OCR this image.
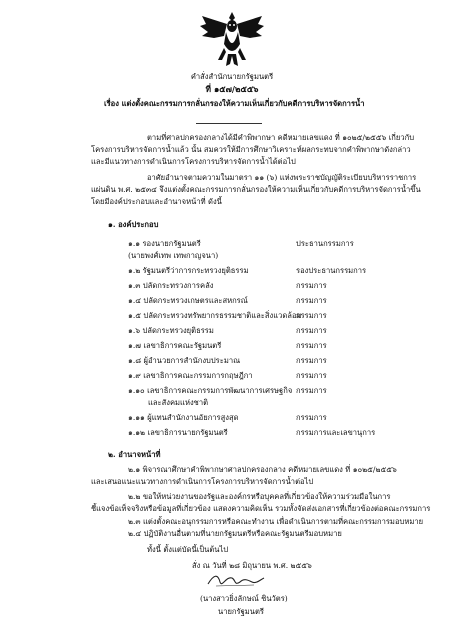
คำสั่งสำนักนายกรัฐมนตรี
ที่ ๑๕๗/๒๕๕๖
เรื่อง แต่งตั้งคณะกรรมการกลั่นกรองให้ความเห็นเกี่ยวกับคดีการบริหารจัดการน้ำ
ตามที่ศาลปกครองกลางได้มีคำพิพากษา คดีหมายเลขแดง ที่ ๑๐๒๕/๒๕๕๖ เกี่ยวกับ
โครงการบริหารจัดการน้ำแล้ว นั้น สมควรให้มีการศึกษาวิเคราะห์ผลกระทบจากคำพิพากษาดังกล่าว
และมีแนวทางการดำเนินการโครงการบริหารจัดการน้ำได้ต่อไป
อาศัยอำนาจตามความในมาตรา ๑๑ (๖) แห่งพระราชบัญญัติระเบียบบริหารราชการ
แผ่นดิน พ.ศ. ๒๕๓๔ จึงแต่งตั้งคณะกรรมการกลั่นกรองให้ความเห็นเกี่ยวกับคดีการบริหารจัดการน้ำขึ้น
โดยมีองค์ประกอบและอำนาจหน้าที่ ดังนี้
๑. องค์ประกอบ
๑.๑ รองนายกรัฐมนตรี	ประธานกรรมการ
(นายพงศ์เทพ เทพกาญจนา)
๑.๒ รัฐมนตรีว่าการกระทรวงยุติธรรม	รองประธานกรรมการ
๑.๓ ปลัดกระทรวงการคลัง	กรรมการ
๑.๔ ปลัดกระทรวงเกษตรและสหกรณ์	กรรมการ
๑.๕ ปลัดกระทรวงทรัพยากรธรรมชาติและสิ่งแวดล้อม
กรรมการ
๑.๖ ปลัดกระทรวงยุติธรรม	กรรมการ
๑.๗ เลขาธิการคณะรัฐมนตรี	กรรมการ
๑.๘ ผู้อำนวยการสำนักงบประมาณ	กรรมการ
๑.๙ เลขาธิการคณะกรรมการกฤษฎีกา	กรรมการ
๑.๑๐ เลขาธิการคณะกรรมการพัฒนาการเศรษฐกิจ กรรมการ
และสังคมแห่งชาติ
๑.๑๑ ผู้แทนสำนักงานอัยการสูงสุด	กรรมการ
๑.๑๒ เลขาธิการนายกรัฐมนตรี	กรรมการและเลขานุการ
๒. อำนาจหน้าที่
๒.๑ พิจารณาศึกษาคำพิพากษาศาลปกครองกลาง คดีหมายเลขแดง ที่ ๑๐๒๕/๒๕๕๖
และเสนอแนะแนวทางการดำเนินการโครงการบริหารจัดการน้ำต่อไป
๒.๒ ขอให้หน่วยงานของรัฐและองค์กรหรือบุคคลที่เกี่ยวข้องให้ความร่วมมือในการ
ชี้แจงข้อเท็จจริงหรือข้อมูลที่เกี่ยวข้อง แสดงความคิดเห็น รวมทั้งจัดส่งเอกสารที่เกี่ยวข้องต่อคณะกรรมการ
๒.๓ แต่งตั้งคณะอนุกรรมการหรือคณะทำงาน เพื่อดำเนินการตามที่คณะกรรมการมอบหมาย
๒.๔ ปฏิบัติงานอื่นตามที่นายกรัฐมนตรีหรือคณะรัฐมนตรีมอบหมาย
ทั้งนี้ ตั้งแต่บัดนี้เป็นต้นไป
สั่ง ณ วันที่ ๒๘ มิถุนายน พ.ศ. ๒๕๕๖
(นางสาวยิ่งลักษณ์ ชินวัตร)
นายกรัฐมนตรี
